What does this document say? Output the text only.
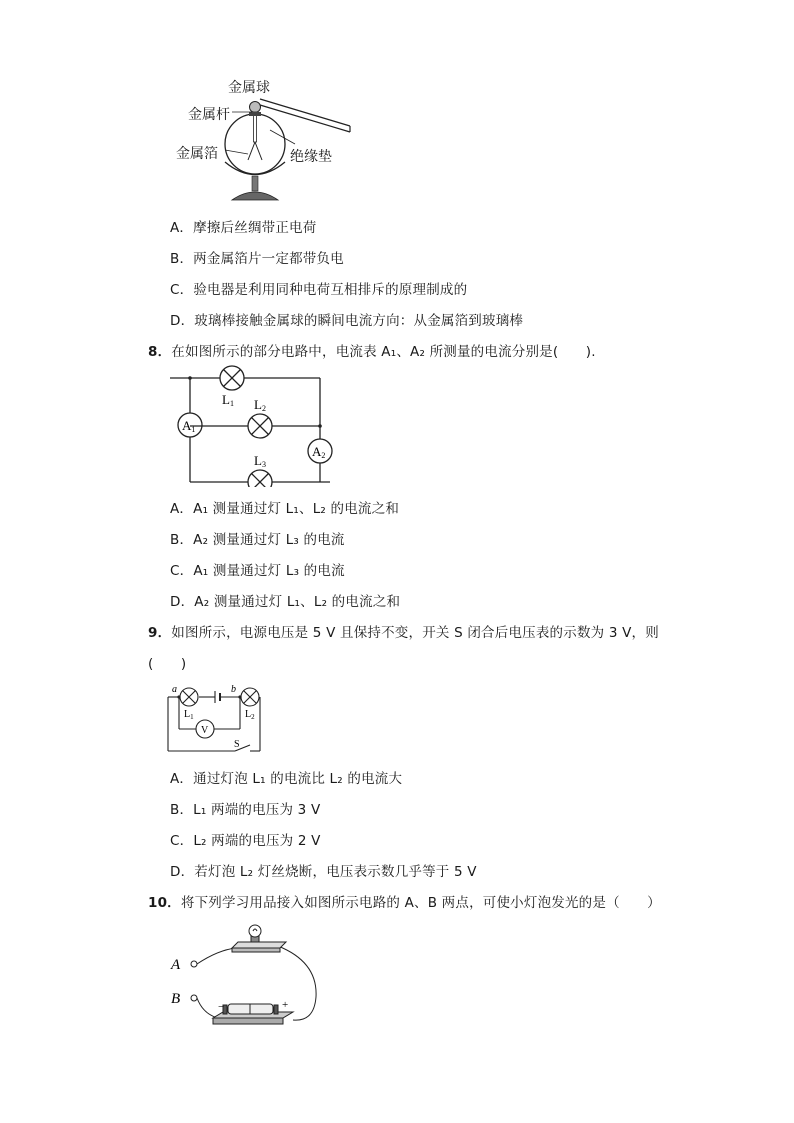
金属球
金属杆
金属箔	绝缘垫
A．摩擦后丝绸带正电荷
B．两金属箔片一定都带负电
C．验电器是利用同种电荷互相排斥的原理制成的
D．玻璃棒接触金属球的瞬间电流方向：从金属箔到玻璃棒
8．在如图所示的部分电路中，电流表 A₁、A₂ 所测量的电流分别是(　　).
A1
A2
L1 L2
L3
A．A₁ 测量通过灯 L₁、L₂ 的电流之和
B．A₂ 测量通过灯 L₃ 的电流
C．A₁ 测量通过灯 L₃ 的电流
D．A₂ 测量通过灯 L₁、L₂ 的电流之和
9．如图所示，电源电压是 5 V 且保持不变，开关 S 闭合后电压表的示数为 3 V，则
(　　)
a	b
$L_1$	$L_2$
V
S
A．通过灯泡 L₁ 的电流比 L₂ 的电流大
B．L₁ 两端的电压为 3 V
C．L₂ 两端的电压为 2 V
D．若灯泡 L₂ 灯丝烧断，电压表示数几乎等于 5 V
10．将下列学习用品接入如图所示电路的 A、B 两点，可使小灯泡发光的是（　　）
A
B	−	+
